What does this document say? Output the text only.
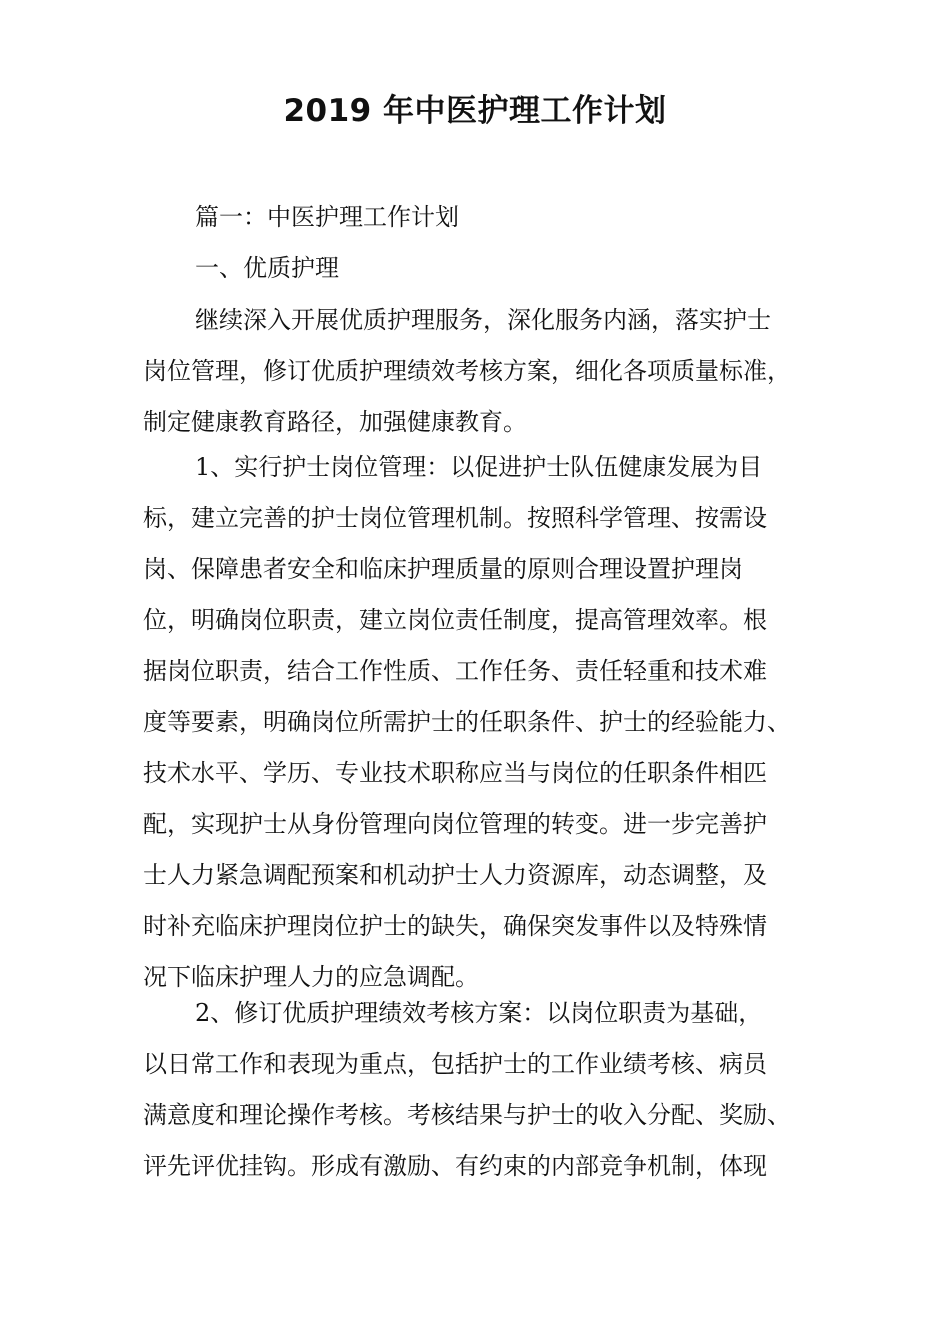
2019 年中医护理工作计划
篇一：中医护理工作计划
一、优质护理
继续深入开展优质护理服务，深化服务内涵，落实护士
岗位管理，修订优质护理绩效考核方案，细化各项质量标准，
制定健康教育路径，加强健康教育。
1、实行护士岗位管理：以促进护士队伍健康发展为目
标，建立完善的护士岗位管理机制。按照科学管理、按需设
岗、保障患者安全和临床护理质量的原则合理设置护理岗
位，明确岗位职责，建立岗位责任制度，提高管理效率。根
据岗位职责，结合工作性质、工作任务、责任轻重和技术难
度等要素，明确岗位所需护士的任职条件、护士的经验能力、
技术水平、学历、专业技术职称应当与岗位的任职条件相匹
配，实现护士从身份管理向岗位管理的转变。进一步完善护
士人力紧急调配预案和机动护士人力资源库，动态调整，及
时补充临床护理岗位护士的缺失，确保突发事件以及特殊情
况下临床护理人力的应急调配。
2、修订优质护理绩效考核方案：以岗位职责为基础，
以日常工作和表现为重点，包括护士的工作业绩考核、病员
满意度和理论操作考核。考核结果与护士的收入分配、奖励、
评先评优挂钩。形成有激励、有约束的内部竞争机制，体现
